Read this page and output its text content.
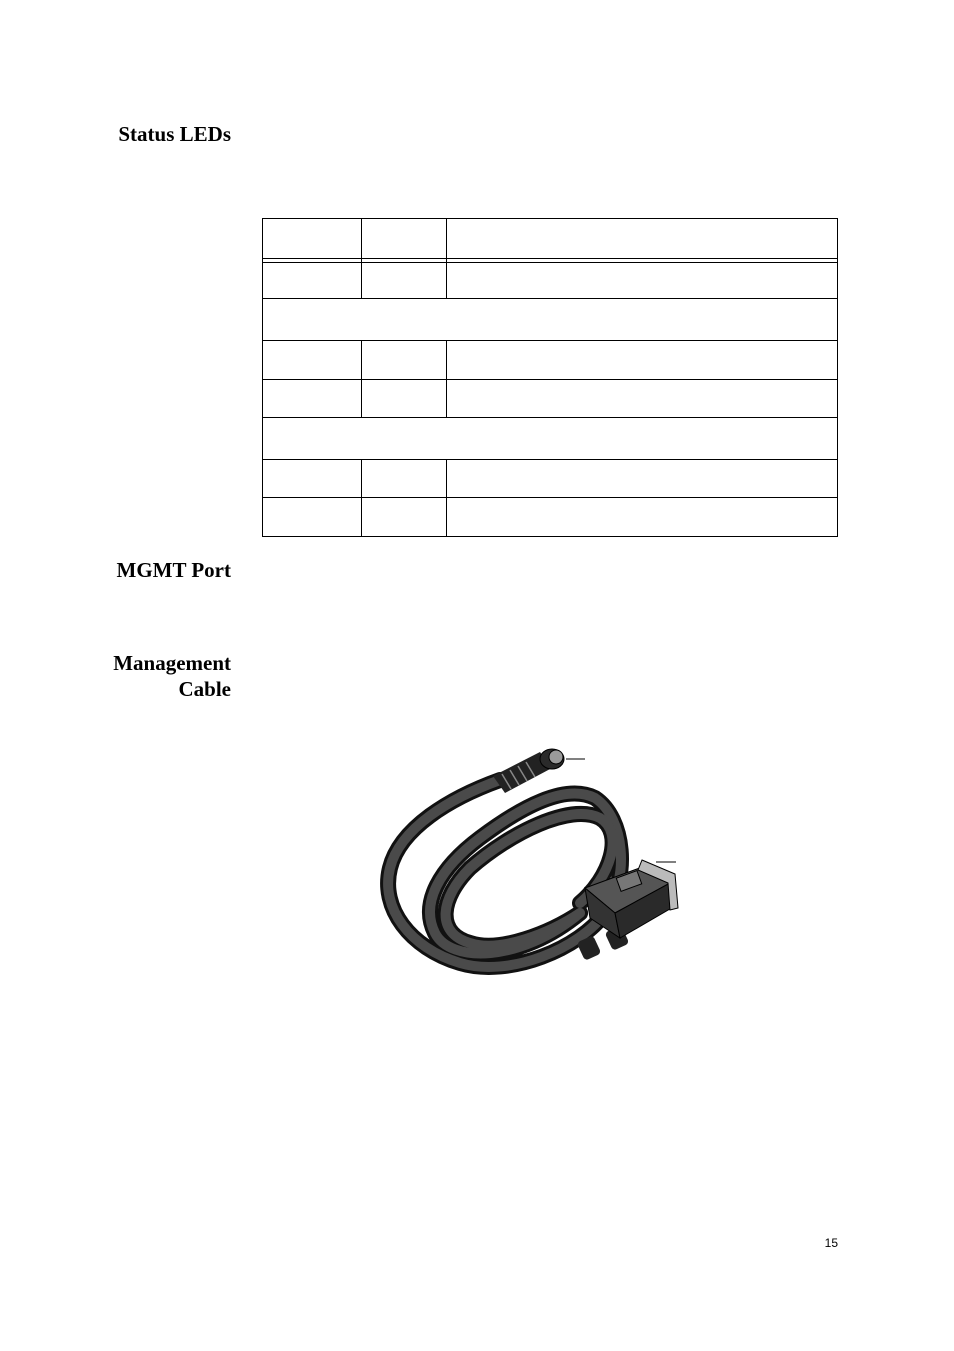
Status LEDs
MGMT Port
Management
Cable
15
